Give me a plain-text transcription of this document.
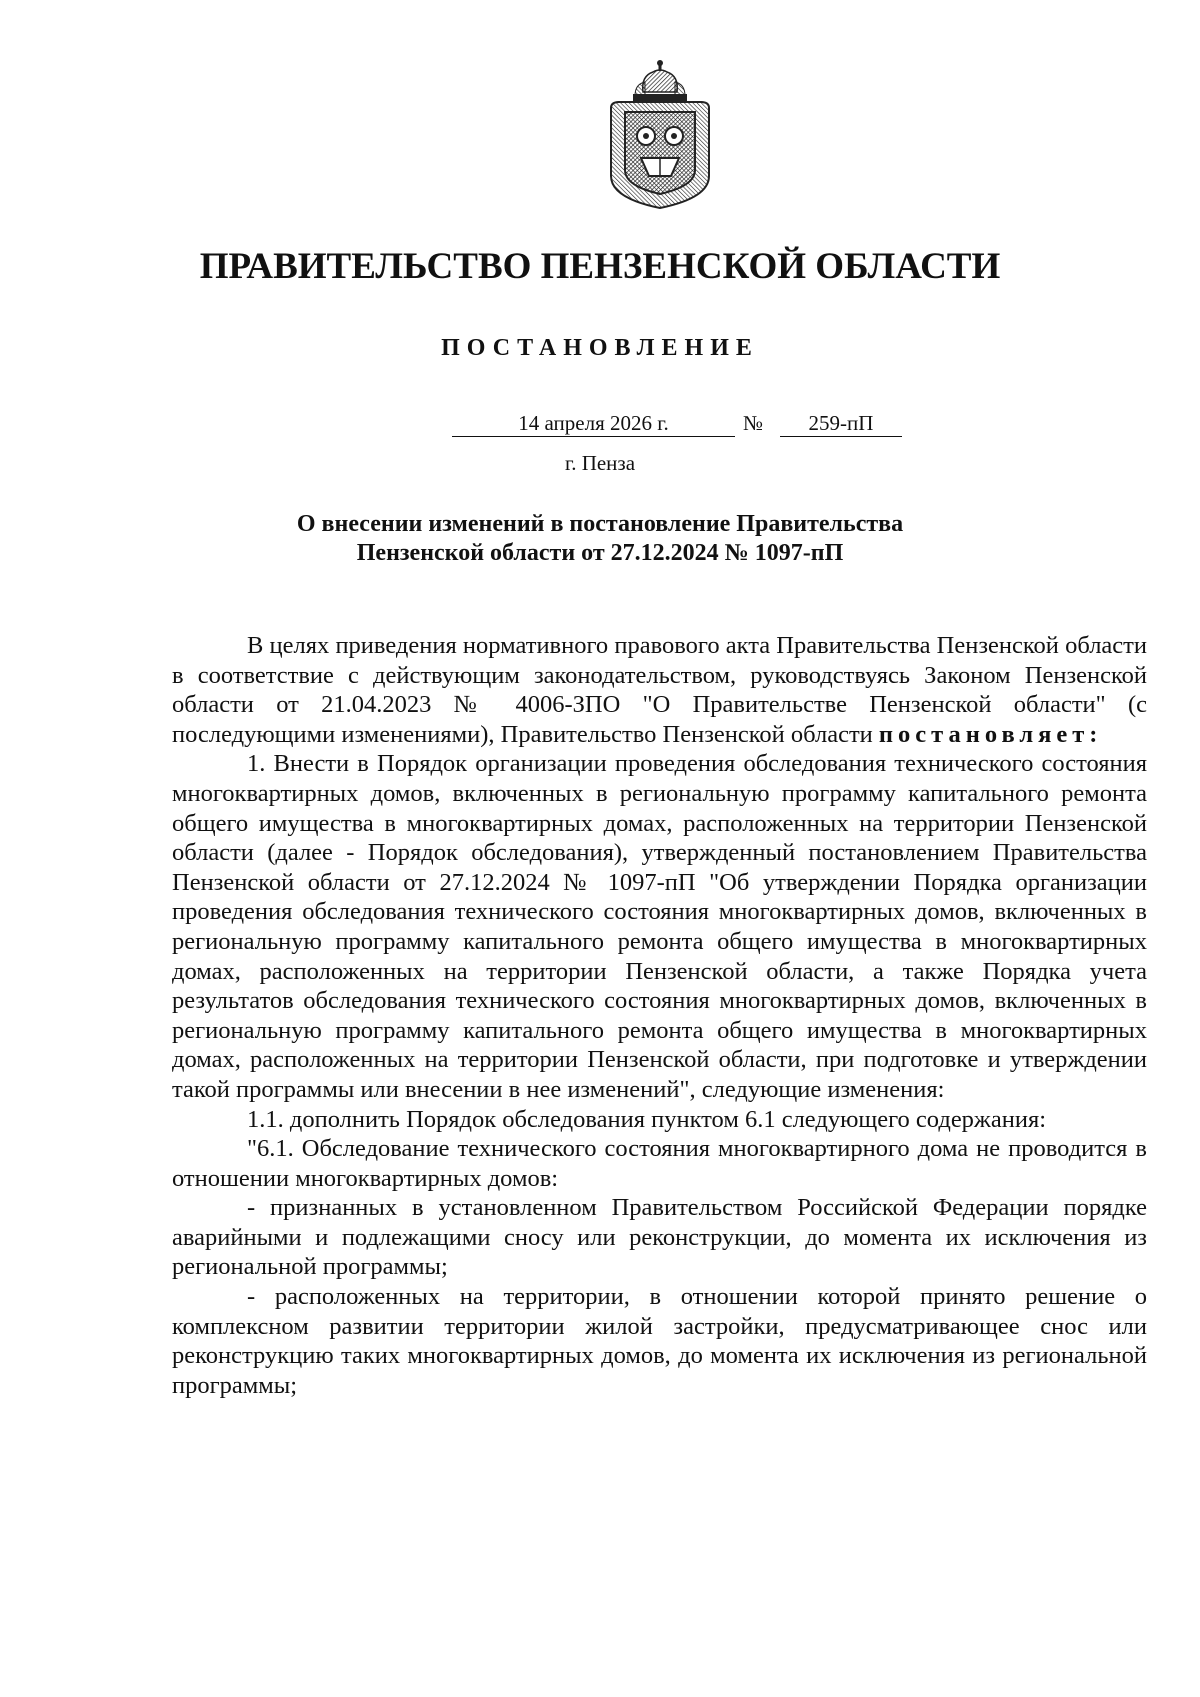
ПРАВИТЕЛЬСТВО ПЕНЗЕНСКОЙ ОБЛАСТИ
ПОСТАНОВЛЕНИЕ
14 апреля 2026 г.	№	259-пП
г. Пенза
О внесении изменений в постановление Правительства
Пензенской области от 27.12.2024 № 1097-пП

В целях приведения нормативного правового акта Правительства Пензенской области в соответствие с действующим законодательством, руководствуясь Законом Пензенской области от 21.04.2023 № 4006-ЗПО "О Правительстве Пензенской области" (с последующими изменениями), Правительство Пензенской области постановляет:

1. Внести в Порядок организации проведения обследования технического состояния многоквартирных домов, включенных в региональную программу капитального ремонта общего имущества в многоквартирных домах, расположенных на территории Пензенской области (далее - Порядок обследования), утвержденный постановлением Правительства Пензенской области от 27.12.2024 № 1097-пП "Об утверждении Порядка организации проведения обследования технического состояния многоквартирных домов, включенных в региональную программу капитального ремонта общего имущества в многоквартирных домах, расположенных на территории Пензенской области, а также Порядка учета результатов обследования технического состояния многоквартирных домов, включенных в региональную программу капитального ремонта общего имущества в многоквартирных домах, расположенных на территории Пензенской области, при подготовке и утверждении такой программы или внесении в нее изменений", следующие изменения:

1.1. дополнить Порядок обследования пунктом 6.1 следующего содержания:

"6.1. Обследование технического состояния многоквартирного дома не проводится в отношении многоквартирных домов:

- признанных в установленном Правительством Российской Федерации порядке аварийными и подлежащими сносу или реконструкции, до момента их исключения из региональной программы;

- расположенных на территории, в отношении которой принято решение о комплексном развитии территории жилой застройки, предусматривающее снос или реконструкцию таких многоквартирных домов, до момента их исключения из региональной программы;
